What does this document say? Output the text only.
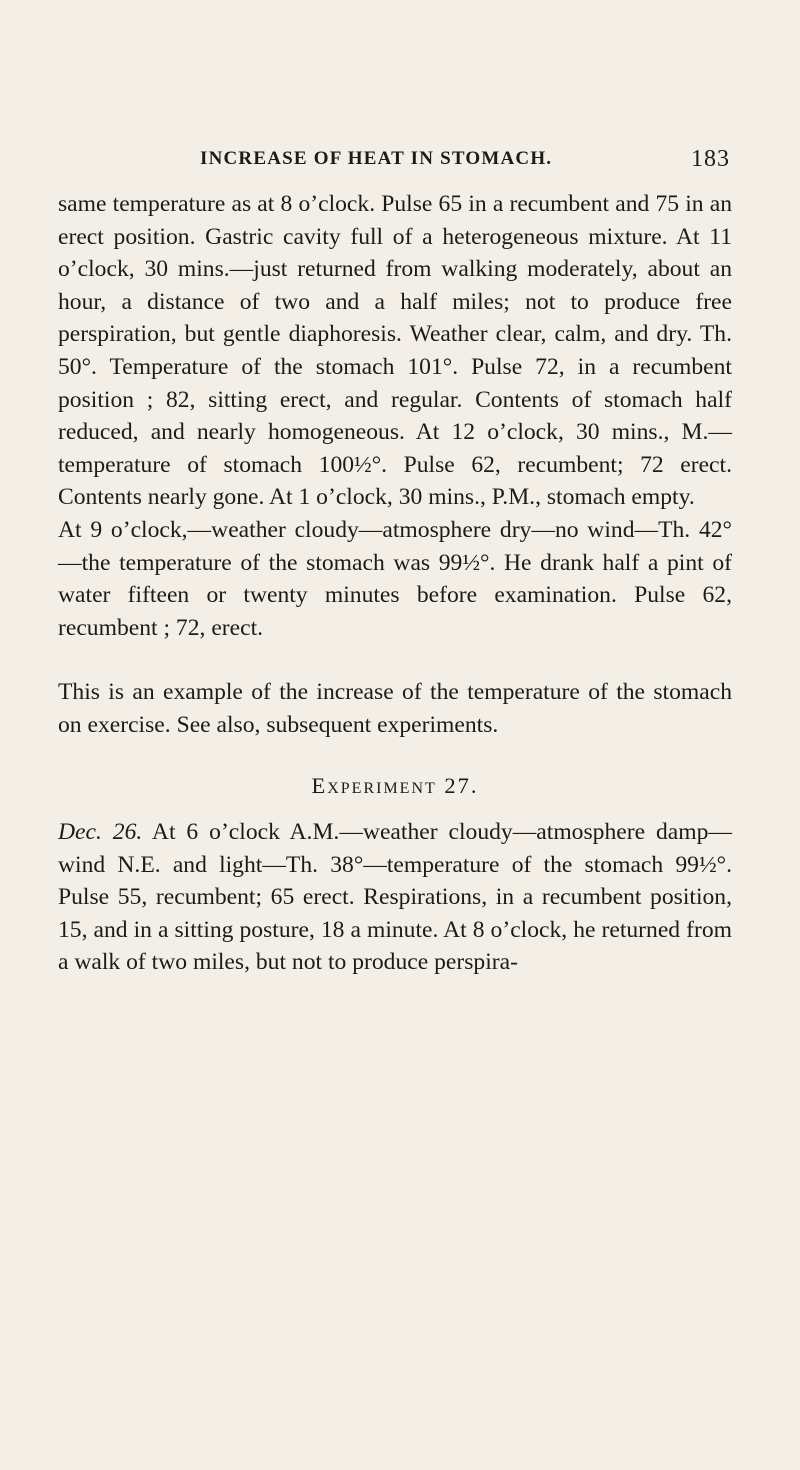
INCREASE OF HEAT IN STOMACH.	183

same temperature as at 8 o’clock. Pulse 65 in a recumbent and 75 in an erect position. Gastric cavity full of a heterogeneous mixture. At 11 o’clock, 30 mins.—just returned from walking moderately, about an hour, a distance of two and a half miles; not to produce free perspiration, but gentle diaphoresis. Weather clear, calm, and dry. Th. 50°. Temperature of the stomach 101°. Pulse 72, in a recumbent position ; 82, sitting erect, and regular. Contents of stomach half reduced, and nearly homogeneous. At 12 o’clock, 30 mins., M.—temperature of stomach 100½°. Pulse 62, recumbent; 72 erect. Contents nearly gone. At 1 o’clock, 30 mins., P.M., stomach empty.

At 9 o’clock,—weather cloudy—atmosphere dry—no wind—Th. 42°—the temperature of the stomach was 99½°. He drank half a pint of water fifteen or twenty minutes before examination. Pulse 62, recumbent ; 72, erect.

This is an example of the increase of the temperature of the stomach on exercise. See also, subsequent experiments.

Experiment 27.

Dec. 26. At 6 o’clock A.M.—weather cloudy—atmosphere damp—wind N.E. and light—Th. 38°—temperature of the stomach 99½°. Pulse 55, recumbent; 65 erect. Respirations, in a recumbent position, 15, and in a sitting posture, 18 a minute. At 8 o’clock, he returned from a walk of two miles, but not to produce perspira-
